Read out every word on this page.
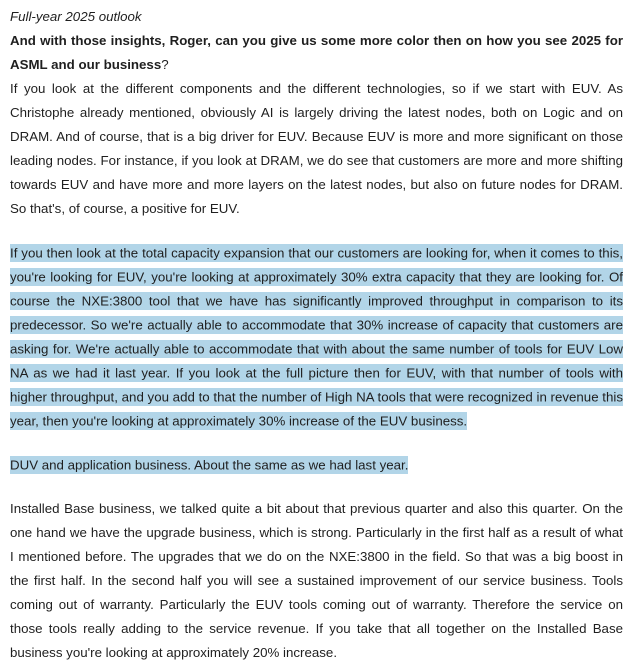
Full-year 2025 outlook

And with those insights, Roger, can you give us some more color then on how you see 2025 for ASML and our business?

If you look at the different components and the different technologies, so if we start with EUV. As Christophe already mentioned, obviously AI is largely driving the latest nodes, both on Logic and on DRAM. And of course, that is a big driver for EUV. Because EUV is more and more significant on those leading nodes. For instance, if you look at DRAM, we do see that customers are more and more shifting towards EUV and have more and more layers on the latest nodes, but also on future nodes for DRAM. So that's, of course, a positive for EUV.

If you then look at the total capacity expansion that our customers are looking for, when it comes to this, you're looking for EUV, you're looking at approximately 30% extra capacity that they are looking for. Of course the NXE:3800 tool that we have has significantly improved throughput in comparison to its predecessor. So we're actually able to accommodate that 30% increase of capacity that customers are asking for. We're actually able to accommodate that with about the same number of tools for EUV Low NA as we had it last year. If you look at the full picture then for EUV, with that number of tools with higher throughput, and you add to that the number of High NA tools that were recognized in revenue this year, then you're looking at approximately 30% increase of the EUV business.

DUV and application business. About the same as we had last year.

Installed Base business, we talked quite a bit about that previous quarter and also this quarter. On the one hand we have the upgrade business, which is strong. Particularly in the first half as a result of what I mentioned before. The upgrades that we do on the NXE:3800 in the field. So that was a big boost in the first half. In the second half you will see a sustained improvement of our service business. Tools coming out of warranty. Particularly the EUV tools coming out of warranty. Therefore the service on those tools really adding to the service revenue. If you take that all together on the Installed Base business you're looking at approximately 20% increase.
